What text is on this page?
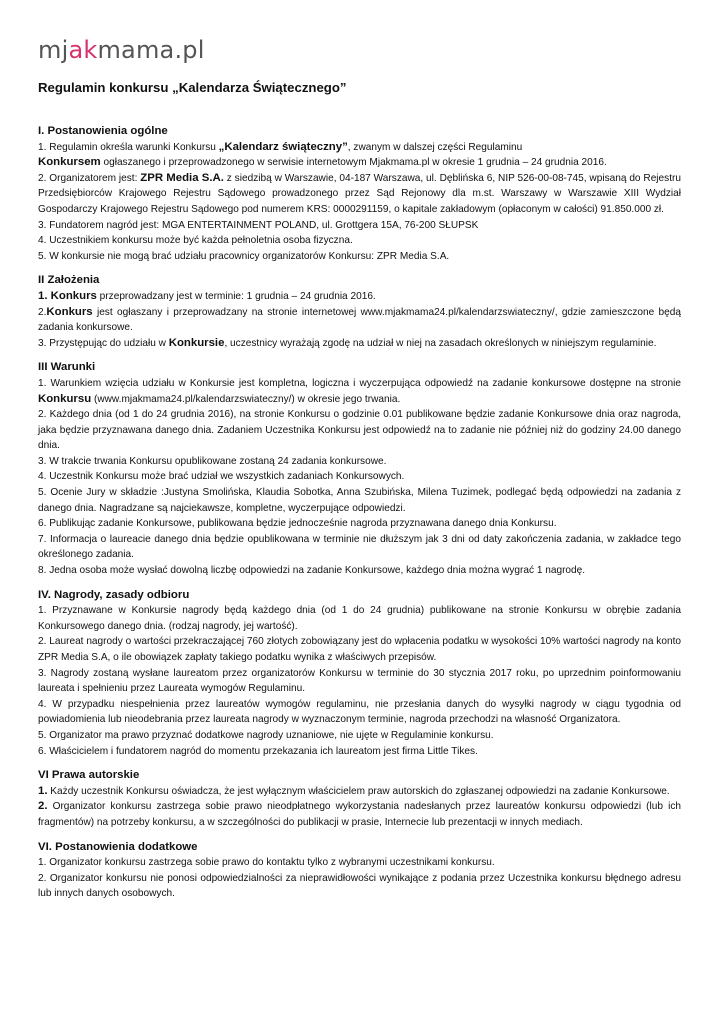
mjakmama.pl
Regulamin konkursu „Kalendarza Świątecznego”
I. Postanowienia ogólne

1. Regulamin określa warunki Konkursu „Kalendarz świąteczny”, zwanym w dalszej części Regulaminu

Konkursem ogłaszanego i przeprowadzonego w serwisie internetowym Mjakmama.pl w okresie 1 grudnia – 24 grudnia 2016.

2. Organizatorem jest: ZPR Media S.A. z siedzibą w Warszawie, 04-187 Warszawa, ul. Dęblińska 6, NIP 526-00-08-745, wpisaną do Rejestru Przedsiębiorców Krajowego Rejestru Sądowego prowadzonego przez Sąd Rejonowy dla m.st. Warszawy w Warszawie XIII Wydział Gospodarczy Krajowego Rejestru Sądowego pod numerem KRS: 0000291159, o kapitale zakładowym (opłaconym w całości) 91.850.000 zł.

3. Fundatorem nagród jest: MGA ENTERTAINMENT POLAND, ul. Grottgera 15A, 76-200 SŁUPSK

4. Uczestnikiem konkursu może być każda pełnoletnia osoba fizyczna.

5. W konkursie nie mogą brać udziału pracownicy organizatorów Konkursu: ZPR Media S.A.

II Założenia

1. Konkurs przeprowadzany jest w terminie: 1 grudnia – 24 grudnia 2016.

2.Konkurs jest ogłaszany i przeprowadzany na stronie internetowej www.mjakmama24.pl/kalendarzswiateczny/, gdzie zamieszczone będą zadania konkursowe.

3. Przystępując do udziału w Konkursie, uczestnicy wyrażają zgodę na udział w niej na zasadach określonych w niniejszym regulaminie.

III Warunki

1. Warunkiem wzięcia udziału w Konkursie jest kompletna, logiczna i wyczerpująca odpowiedź na zadanie konkursowe dostępne na stronie Konkursu (www.mjakmama24.pl/kalendarzswiateczny/) w okresie jego trwania.

2. Każdego dnia (od 1 do 24 grudnia 2016), na stronie Konkursu o godzinie 0.01 publikowane będzie zadanie Konkursowe dnia oraz nagroda, jaka będzie przyznawana danego dnia. Zadaniem Uczestnika Konkursu jest odpowiedź na to zadanie nie później niż do godziny 24.00 danego dnia.

3. W trakcie trwania Konkursu opublikowane zostaną 24 zadania konkursowe.

4. Uczestnik Konkursu może brać udział we wszystkich zadaniach Konkursowych.

5. Ocenie Jury w składzie :Justyna Smolińska, Klaudia Sobotka, Anna Szubińska, Milena Tuzimek, podlegać będą odpowiedzi na zadania z danego dnia. Nagradzane są najciekawsze, kompletne, wyczerpujące odpowiedzi.

6. Publikując zadanie Konkursowe, publikowana będzie jednocześnie nagroda przyznawana danego dnia Konkursu.

7. Informacja o laureacie danego dnia będzie opublikowana w terminie nie dłuższym jak 3 dni od daty zakończenia zadania, w zakładce tego określonego zadania.

8. Jedna osoba może wysłać dowolną liczbę odpowiedzi na zadanie Konkursowe, każdego dnia można wygrać 1 nagrodę.

IV. Nagrody, zasady odbioru

1. Przyznawane w Konkursie nagrody będą każdego dnia (od 1 do 24 grudnia) publikowane na stronie Konkursu w obrębie zadania Konkursowego danego dnia. (rodzaj nagrody, jej wartość).

2. Laureat nagrody o wartości przekraczającej 760 złotych zobowiązany jest do wpłacenia podatku w wysokości 10% wartości nagrody na konto ZPR Media S.A, o ile obowiązek zapłaty takiego podatku wynika z właściwych przepisów.

3. Nagrody zostaną wysłane laureatom przez organizatorów Konkursu w terminie do 30 stycznia 2017 roku, po uprzednim poinformowaniu laureata i spełnieniu przez Laureata wymogów Regulaminu.

4. W przypadku niespełnienia przez laureatów wymogów regulaminu, nie przesłania danych do wysyłki nagrody w ciągu tygodnia od powiadomienia lub nieodebrania przez laureata nagrody w wyznaczonym terminie, nagroda przechodzi na własność Organizatora.

5. Organizator ma prawo przyznać dodatkowe nagrody uznaniowe, nie ujęte w Regulaminie konkursu.

6. Właścicielem i fundatorem nagród do momentu przekazania ich laureatom jest firma Little Tikes.

VI Prawa autorskie

1. Każdy uczestnik Konkursu oświadcza, że jest wyłącznym właścicielem praw autorskich do zgłaszanej odpowiedzi na zadanie Konkursowe.

2. Organizator konkursu zastrzega sobie prawo nieodpłatnego wykorzystania nadesłanych przez laureatów konkursu odpowiedzi (lub ich fragmentów) na potrzeby konkursu, a w szczególności do publikacji w prasie, Internecie lub prezentacji w innych mediach.

VI. Postanowienia dodatkowe

1. Organizator konkursu zastrzega sobie prawo do kontaktu tylko z wybranymi uczestnikami konkursu.

2. Organizator konkursu nie ponosi odpowiedzialności za nieprawidłowości wynikające z podania przez Uczestnika konkursu błędnego adresu lub innych danych osobowych.
